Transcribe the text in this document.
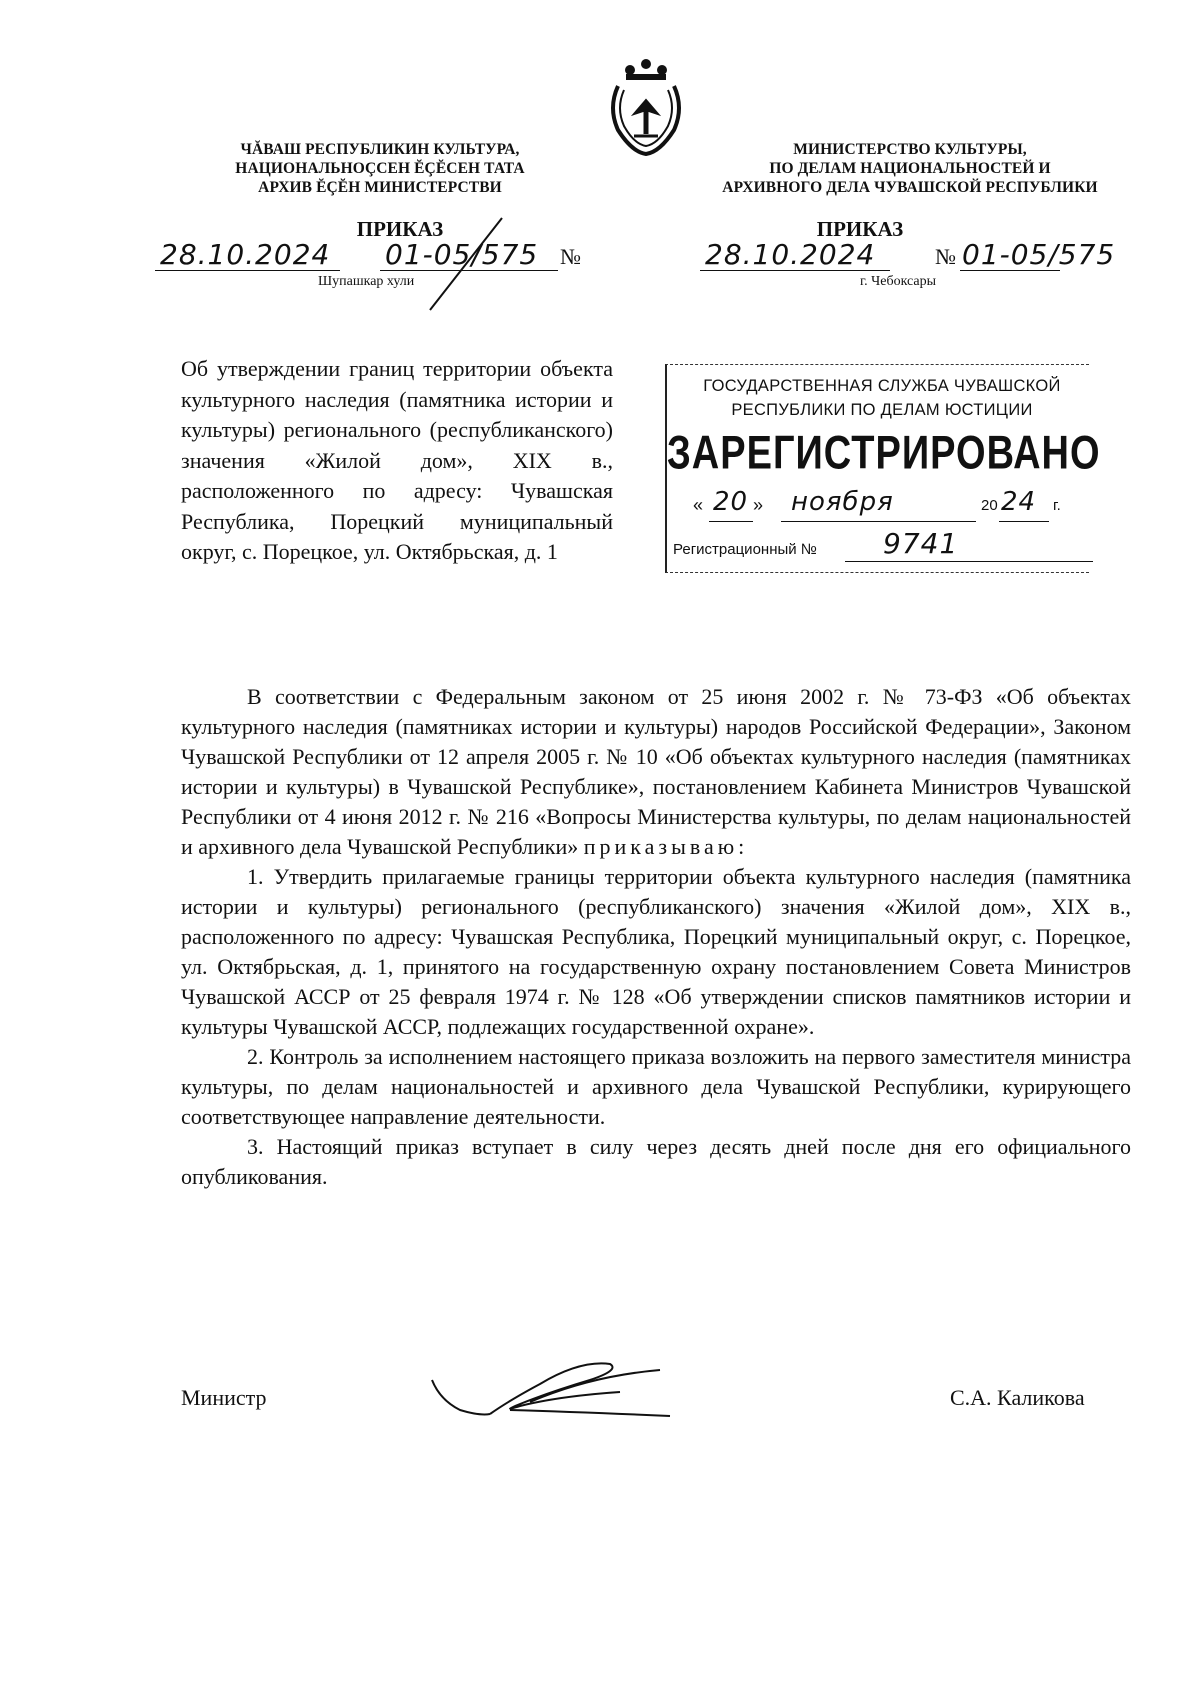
ЧĂВАШ РЕСПУБЛИКИН КУЛЬТУРА,
НАЦИОНАЛЬНОÇСЕН ĔÇĔСЕН ТАТА
АРХИВ ĔÇĔН МИНИСТЕРСТВИ
МИНИСТЕРСТВО КУЛЬТУРЫ,
ПО ДЕЛАМ НАЦИОНАЛЬНОСТЕЙ И
АРХИВНОГО ДЕЛА ЧУВАШСКОЙ РЕСПУБЛИКИ
ПРИКАЗ	ПРИКАЗ
28.10.2024 01-05/575 №
Шупашкар хули
28.10.2024	№ 01-05/575
г. Чебоксары
Об утверждении границ территории объекта культурного наследия (памятника истории и культуры) регионального (республиканского) значения «Жилой дом», XIX в., расположенного по адресу: Чувашская Республика, Порецкий муниципальный округ, с. Порецкое, ул. Октябрьская, д. 1
ГОСУДАРСТВЕННАЯ СЛУЖБА ЧУВАШСКОЙ
РЕСПУБЛИКИ ПО ДЕЛАМ ЮСТИЦИИ
ЗАРЕГИСТРИРОВАНО
« 20 » ноября	20 24 г.
Регистрационный № 9741

В соответствии с Федеральным законом от 25 июня 2002 г. № 73-ФЗ «Об объектах культурного наследия (памятниках истории и культуры) народов Российской Федерации», Законом Чувашской Республики от 12 апреля 2005 г. № 10 «Об объектах культурного наследия (памятниках истории и культуры) в Чувашской Республике», постановлением Кабинета Министров Чувашской Республики от 4 июня 2012 г. № 216 «Вопросы Министерства культуры, по делам национальностей и архивного дела Чувашской Республики» приказываю:

1. Утвердить прилагаемые границы территории объекта культурного наследия (памятника истории и культуры) регионального (республиканского) значения «Жилой дом», XIX в., расположенного по адресу: Чувашская Республика, Порецкий муниципальный округ, с. Порецкое, ул. Октябрьская, д. 1, принятого на государственную охрану постановлением Совета Министров Чувашской АССР от 25 февраля 1974 г. № 128 «Об утверждении списков памятников истории и культуры Чувашской АССР, подлежащих государственной охране».

2. Контроль за исполнением настоящего приказа возложить на первого заместителя министра культуры, по делам национальностей и архивного дела Чувашской Республики, курирующего соответствующее направление деятельности.

3. Настоящий приказ вступает в силу через десять дней после дня его официального опубликования.

Министр	С.А. Каликова
